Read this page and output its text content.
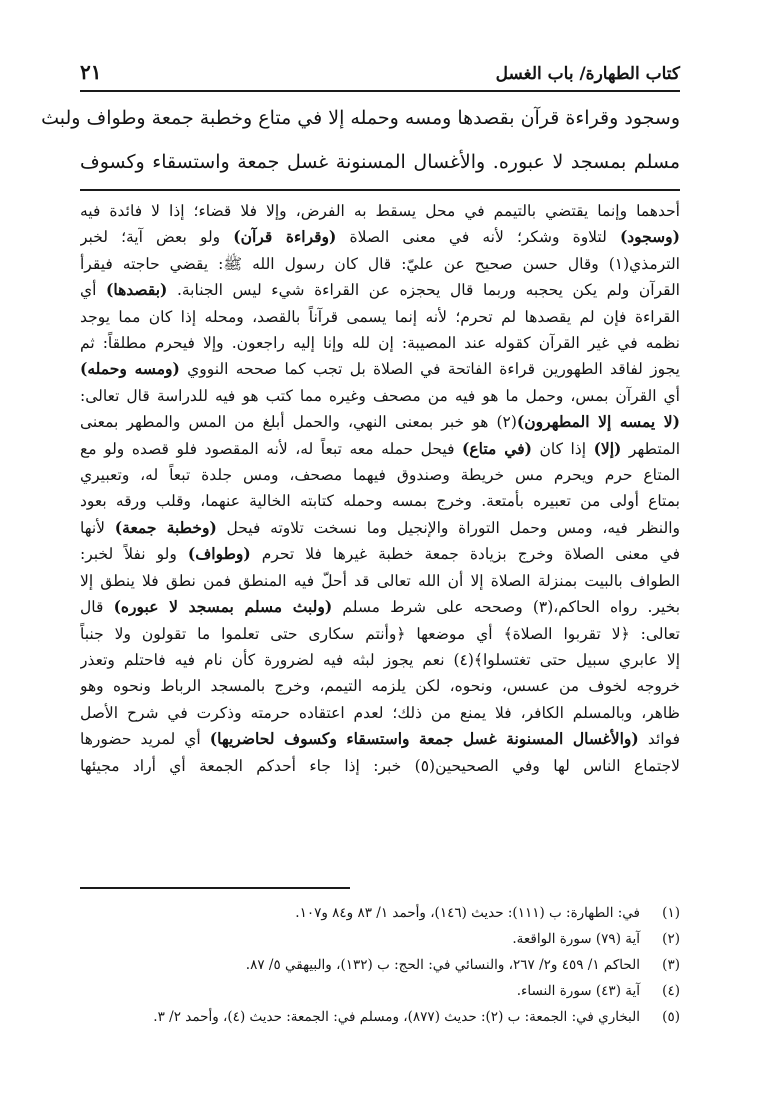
كتاب الطهارة/ باب الغسل
٢١
وسجود وقراءة قرآن بقصدها ومسه وحمله إلا في متاع وخطبة جمعة وطواف ولبث
مسلم بمسجد لا عبوره. والأغسال المسنونة غسل جمعة واستسقاء وكسوف
أحدهما وإنما يقتضي بالتيمم في محل يسقط به الفرض، وإلا فلا قضاء؛ إذا لا فائدة فيه
(وسجود) لتلاوة وشكر؛ لأنه في معنى الصلاة (وقراءة قرآن) ولو بعض آية؛ لخبر
الترمذي(١) وقال حسن صحيح عن عليّ: قال كان رسول الله ﷺ: يقضي حاجته فيقرأ
القرآن ولم يكن يحجبه وربما قال يحجزه عن القراءة شيء ليس الجنابة. (بقصدها) أي
القراءة فإن لم يقصدها لم تحرم؛ لأنه إنما يسمى قرآناً بالقصد، ومحله إذا كان مما يوجد
نظمه في غير القرآن كقوله عند المصيبة: إن لله وإنا إليه راجعون. وإلا فيحرم مطلقاً: ثم
يجوز لفاقد الطهورين قراءة الفاتحة في الصلاة بل تجب كما صححه النووي (ومسه وحمله)
أي القرآن بمس، وحمل ما هو فيه من مصحف وغيره مما كتب هو فيه للدراسة قال تعالى:
(لا يمسه إلا المطهرون)(٢) هو خبر بمعنى النهي، والحمل أبلغ من المس والمطهر بمعنى
المتطهر (إلا) إذا كان (في متاع) فيحل حمله معه تبعاً له، لأنه المقصود فلو قصده ولو مع
المتاع حرم ويحرم مس خريطة وصندوق فيهما مصحف، ومس جلدة تبعاً له، وتعبيري
بمتاع أولى من تعبيره بأمتعة. وخرج بمسه وحمله كتابته الخالية عنهما، وقلب ورقه بعود
والنظر فيه، ومس وحمل التوراة والإنجيل وما نسخت تلاوته فيحل (وخطبة جمعة) لأنها
في معنى الصلاة وخرج بزيادة جمعة خطبة غيرها فلا تحرم (وطواف) ولو نفلاً لخبر:
الطواف بالبيت بمنزلة الصلاة إلا أن الله تعالى قد أحلّ فيه المنطق فمن نطق فلا ينطق إلا
بخير. رواه الحاكم،(٣) وصححه على شرط مسلم (ولبث مسلم بمسجد لا عبوره) قال
تعالى: ﴿لا تقربوا الصلاة﴾ أي موضعها ﴿وأنتم سكارى حتى تعلموا ما تقولون ولا جنباً
إلا عابري سبيل حتى تغتسلوا﴾(٤) نعم يجوز لبثه فيه لضرورة كأن نام فيه فاحتلم وتعذر
خروجه لخوف من عسس، ونحوه، لكن يلزمه التيمم، وخرج بالمسجد الرباط ونحوه وهو
ظاهر، وبالمسلم الكافر، فلا يمنع من ذلك؛ لعدم اعتقاده حرمته وذكرت في شرح الأصل
فوائد (والأغسال المسنونة غسل جمعة واستسقاء وكسوف لحاضريها) أي لمريد حضورها
لاجتماع الناس لها وفي الصحيحين(٥) خبر: إذا جاء أحدكم الجمعة أي أراد مجيئها
(١)
في: الطهارة: ب (١١١): حديث (١٤٦)، وأحمد ١/ ٨٣ و٨٤ و١٠٧.
(٢)
آية (٧٩) سورة الواقعة.
(٣)
الحاكم ١/ ٤٥٩ و٢/ ٢٦٧، والنسائي في: الحج: ب (١٣٢)، والبيهقي ٥/ ٨٧.
(٤)
آية (٤٣) سورة النساء.
(٥)
البخاري في: الجمعة: ب (٢): حديث (٨٧٧)، ومسلم في: الجمعة: حديث (٤)، وأحمد ٢/ ٣.
